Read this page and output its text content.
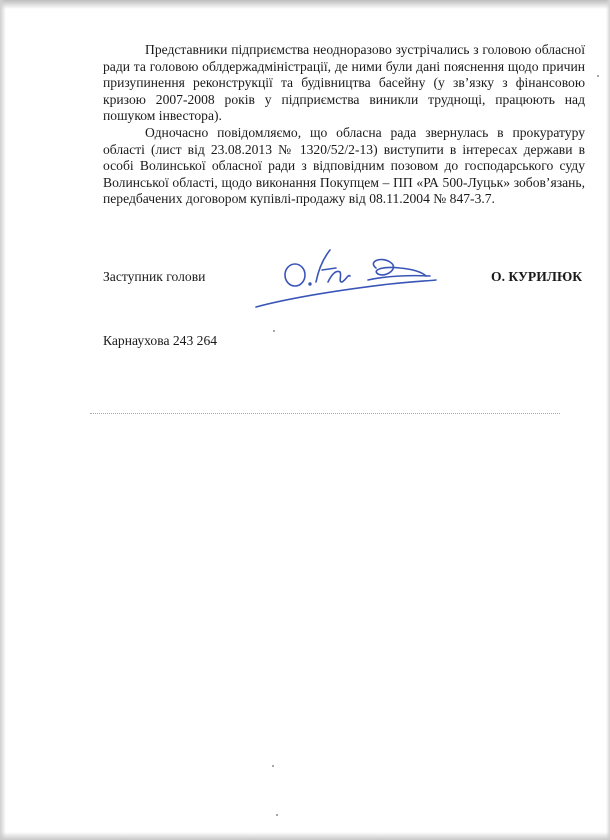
Представники підприємства неодноразово зустрічались з головою обласної ради та головою облдержадміністрації, де ними були дані пояснення щодо причин призупинення реконструкції та будівництва басейну (у зв’язку з фінансовою кризою 2007-2008 років у підприємства виникли труднощі, працюють над пошуком інвестора).

Одночасно повідомляємо, що обласна рада звернулась в прокуратуру області (лист від 23.08.2013 № 1320/52/2-13) виступити в інтересах держави в особі Волинської обласної ради з відповідним позовом до господарського суду Волинської області, щодо виконання Покупцем – ПП «РА 500-Луцьк» зобов’язань, передбачених договором купівлі-продажу від 08.11.2004 № 847-3.7.

Заступник голови	О. КУРИЛЮК
Карнаухова 243 264
